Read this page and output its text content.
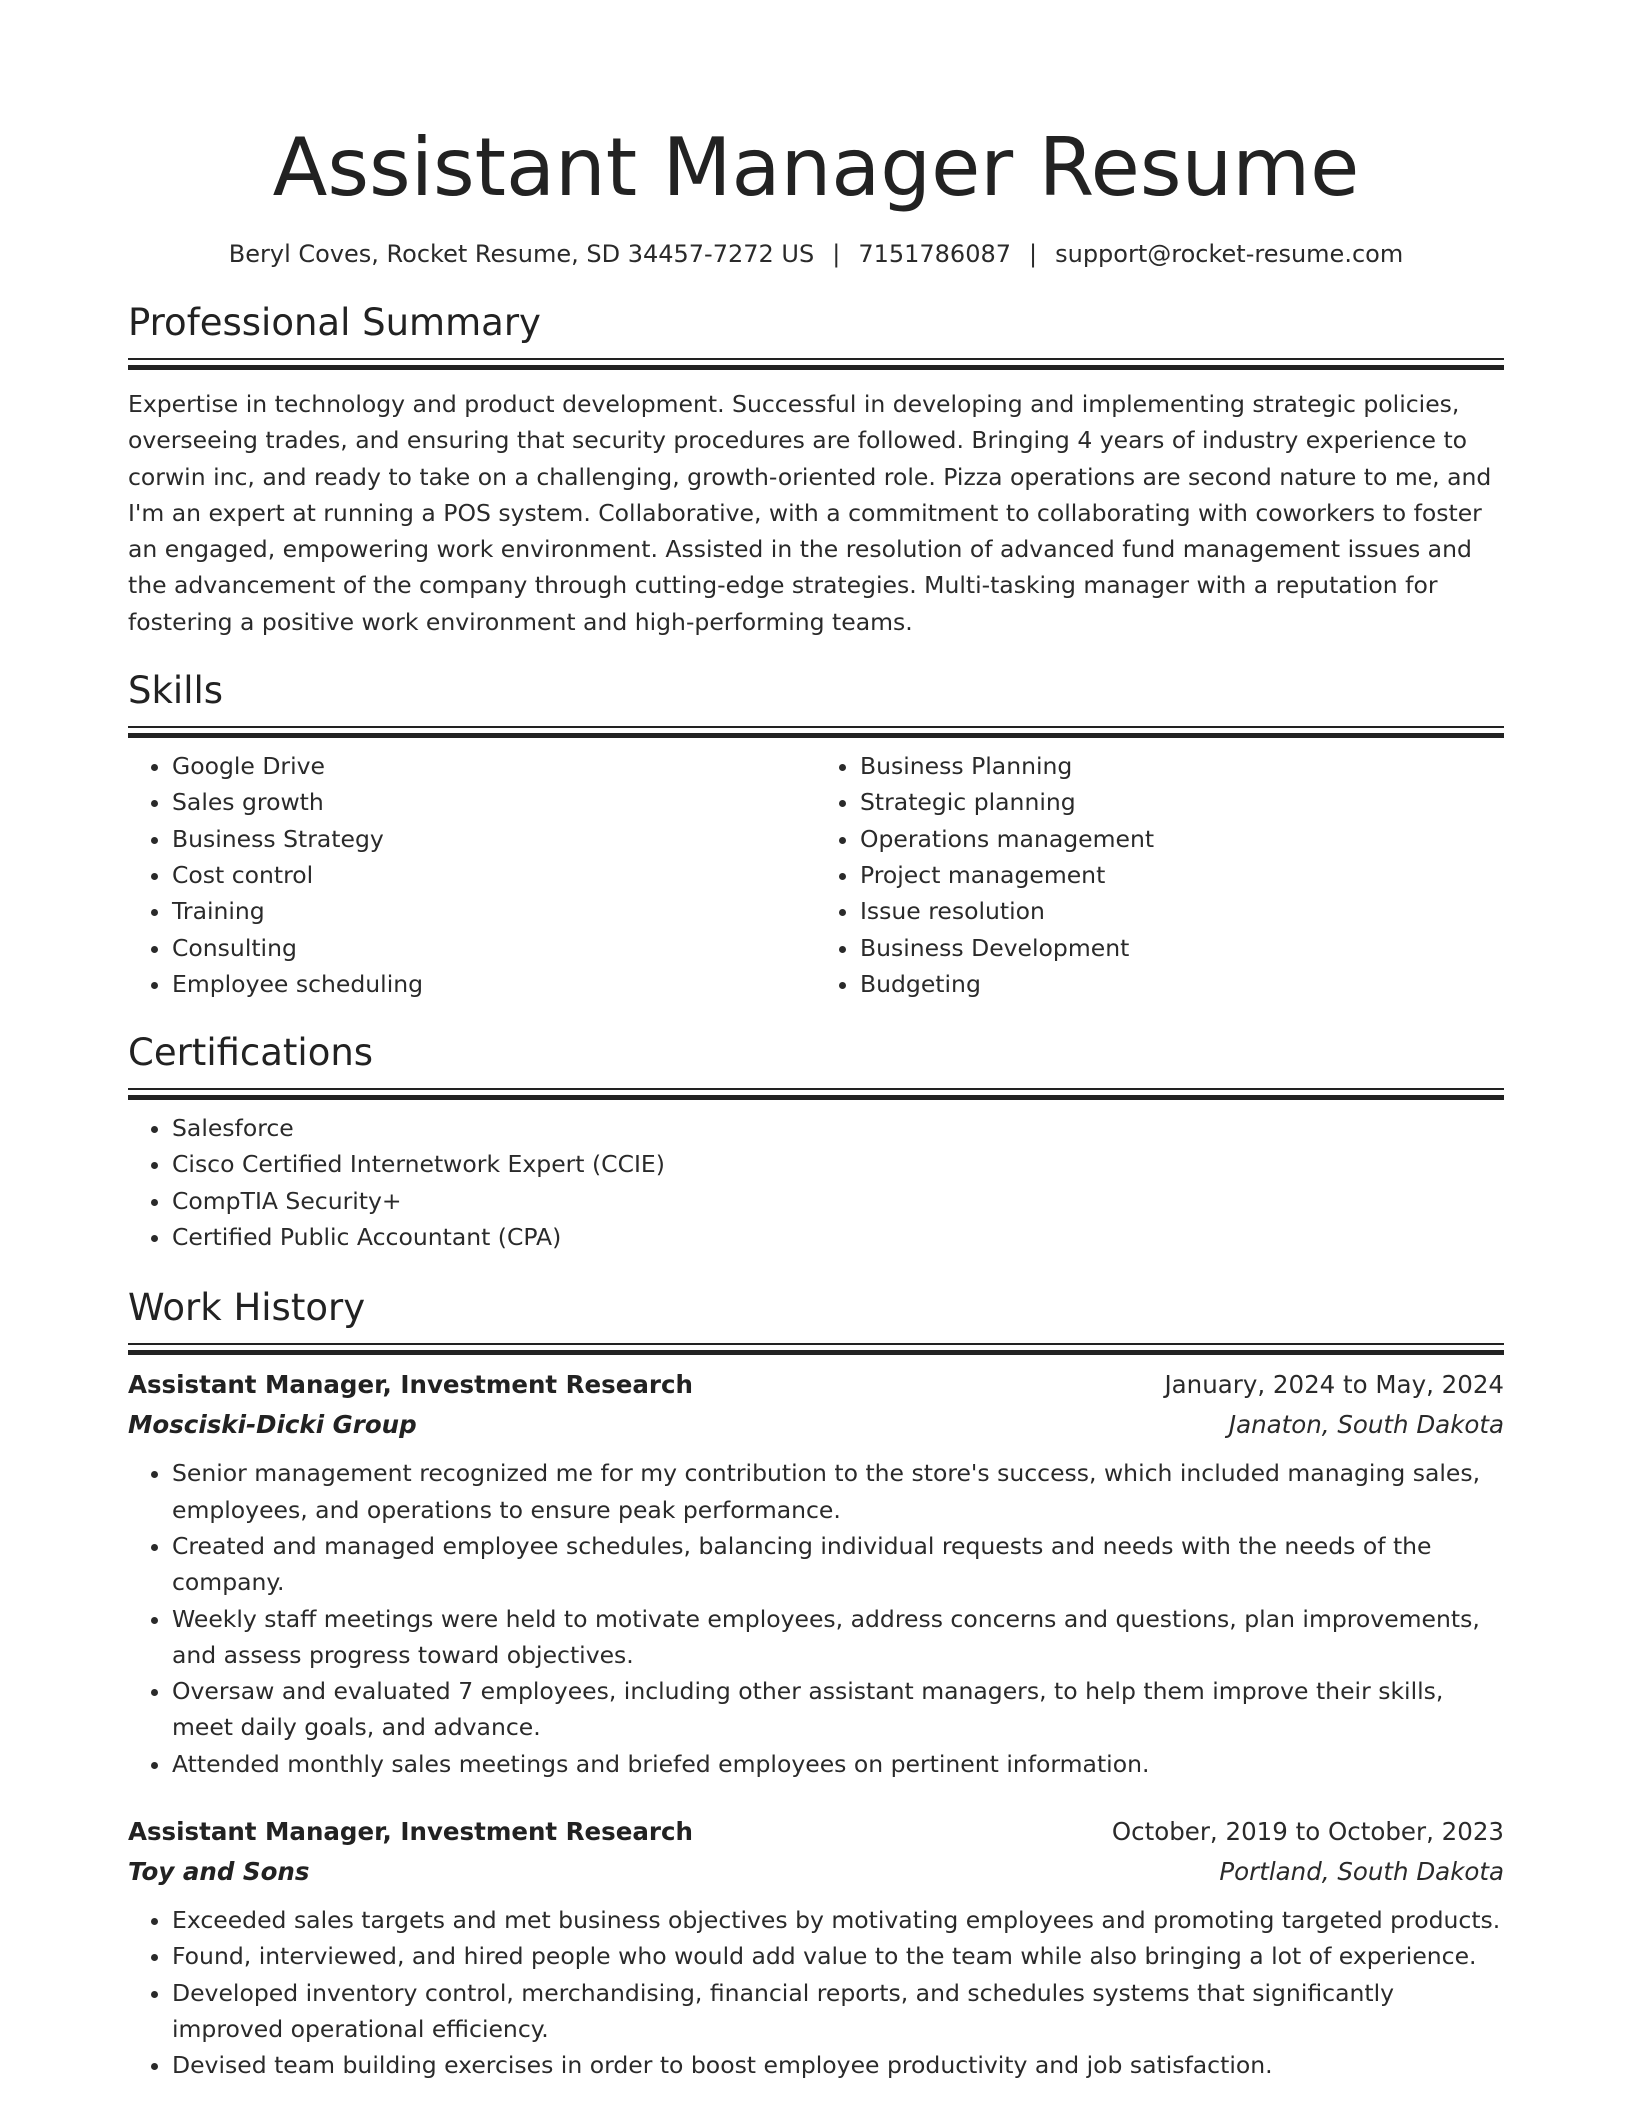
Assistant Manager Resume
Beryl Coves, Rocket Resume, SD 34457-7272 US | 7151786087 | support@rocket-resume.com
Professional Summary

Expertise in technology and product development. Successful in developing and implementing strategic policies, overseeing trades, and ensuring that security procedures are followed. Bringing 4 years of industry experience to corwin inc, and ready to take on a challenging, growth-oriented role. Pizza operations are second nature to me, and I'm an expert at running a POS system. Collaborative, with a commitment to collaborating with coworkers to foster an engaged, empowering work environment. Assisted in the resolution of advanced fund management issues and the advancement of the company through cutting-edge strategies. Multi-tasking manager with a reputation for fostering a positive work environment and high-performing teams.

Skills
• Google Drive
• Sales growth
• Business Strategy
• Cost control
• Training
• Consulting
• Employee scheduling
• Business Planning
• Strategic planning
• Operations management
• Project management
• Issue resolution
• Business Development
• Budgeting
Certifications
• Salesforce
• Cisco Certified Internetwork Expert (CCIE)
• CompTIA Security+
• Certified Public Accountant (CPA)
Work History
Assistant Manager, Investment Research	January, 2024 to May, 2024
Mosciski-Dicki Group	Janaton, South Dakota
• Senior management recognized me for my contribution to the store's success, which included managing sales, employees, and operations to ensure peak performance.
• Created and managed employee schedules, balancing individual requests and needs with the needs of the company.
• Weekly staff meetings were held to motivate employees, address concerns and questions, plan improvements, and assess progress toward objectives.
• Oversaw and evaluated 7 employees, including other assistant managers, to help them improve their skills, meet daily goals, and advance.
• Attended monthly sales meetings and briefed employees on pertinent information.
Assistant Manager, Investment Research	October, 2019 to October, 2023
Toy and Sons	Portland, South Dakota
• Exceeded sales targets and met business objectives by motivating employees and promoting targeted products.
• Found, interviewed, and hired people who would add value to the team while also bringing a lot of experience.
• Developed inventory control, merchandising, financial reports, and schedules systems that significantly improved operational efficiency.
• Devised team building exercises in order to boost employee productivity and job satisfaction.
